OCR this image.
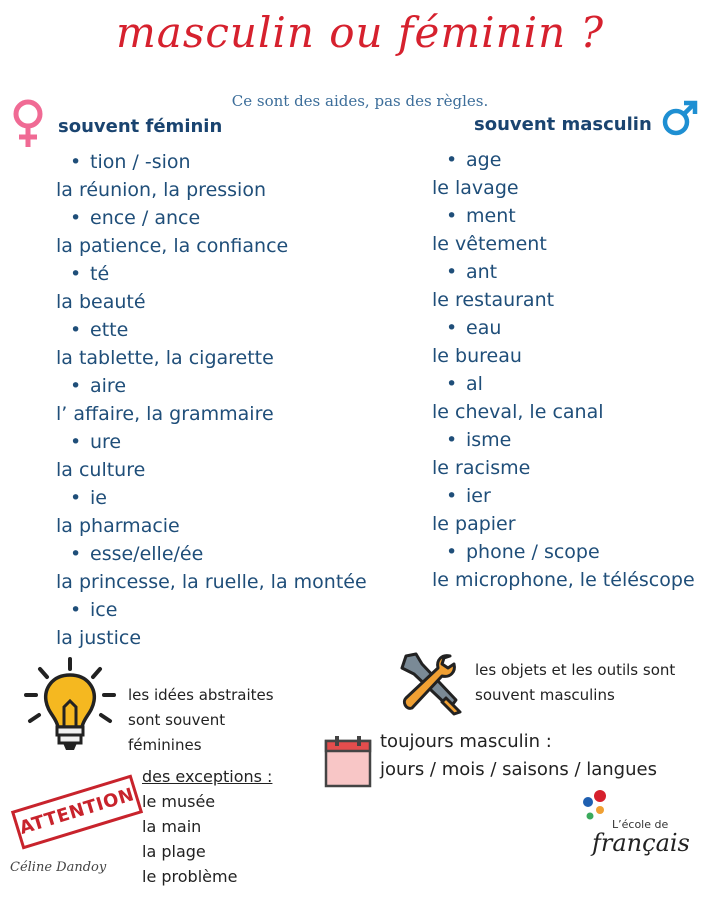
masculin ou féminin ?
Ce sont des aides, pas des règles.
souvent féminin	souvent masculin
• tion / -sion
la réunion, la pression
• ence / ance
la patience, la confiance
• té
la beauté
• ette
la tablette, la cigarette
• aire
l’ affaire, la grammaire
• ure
la culture
• ie
la pharmacie
• esse/elle/ée
la princesse, la ruelle, la montée
• ice
la justice
• age
le lavage
• ment
le vêtement
• ant
le restaurant
• eau
le bureau
• al
le cheval, le canal
• isme
le racisme
• ier
le papier
• phone / scope
le microphone, le téléscope
les idées abstraites
sont souvent
féminines
les objets et les outils sont
souvent masculins
toujours masculin :
jours / mois / saisons / langues
des exceptions :
le musée
la main
la plage
le problème
ATTENTION
Céline Dandoy
L’école de
français
